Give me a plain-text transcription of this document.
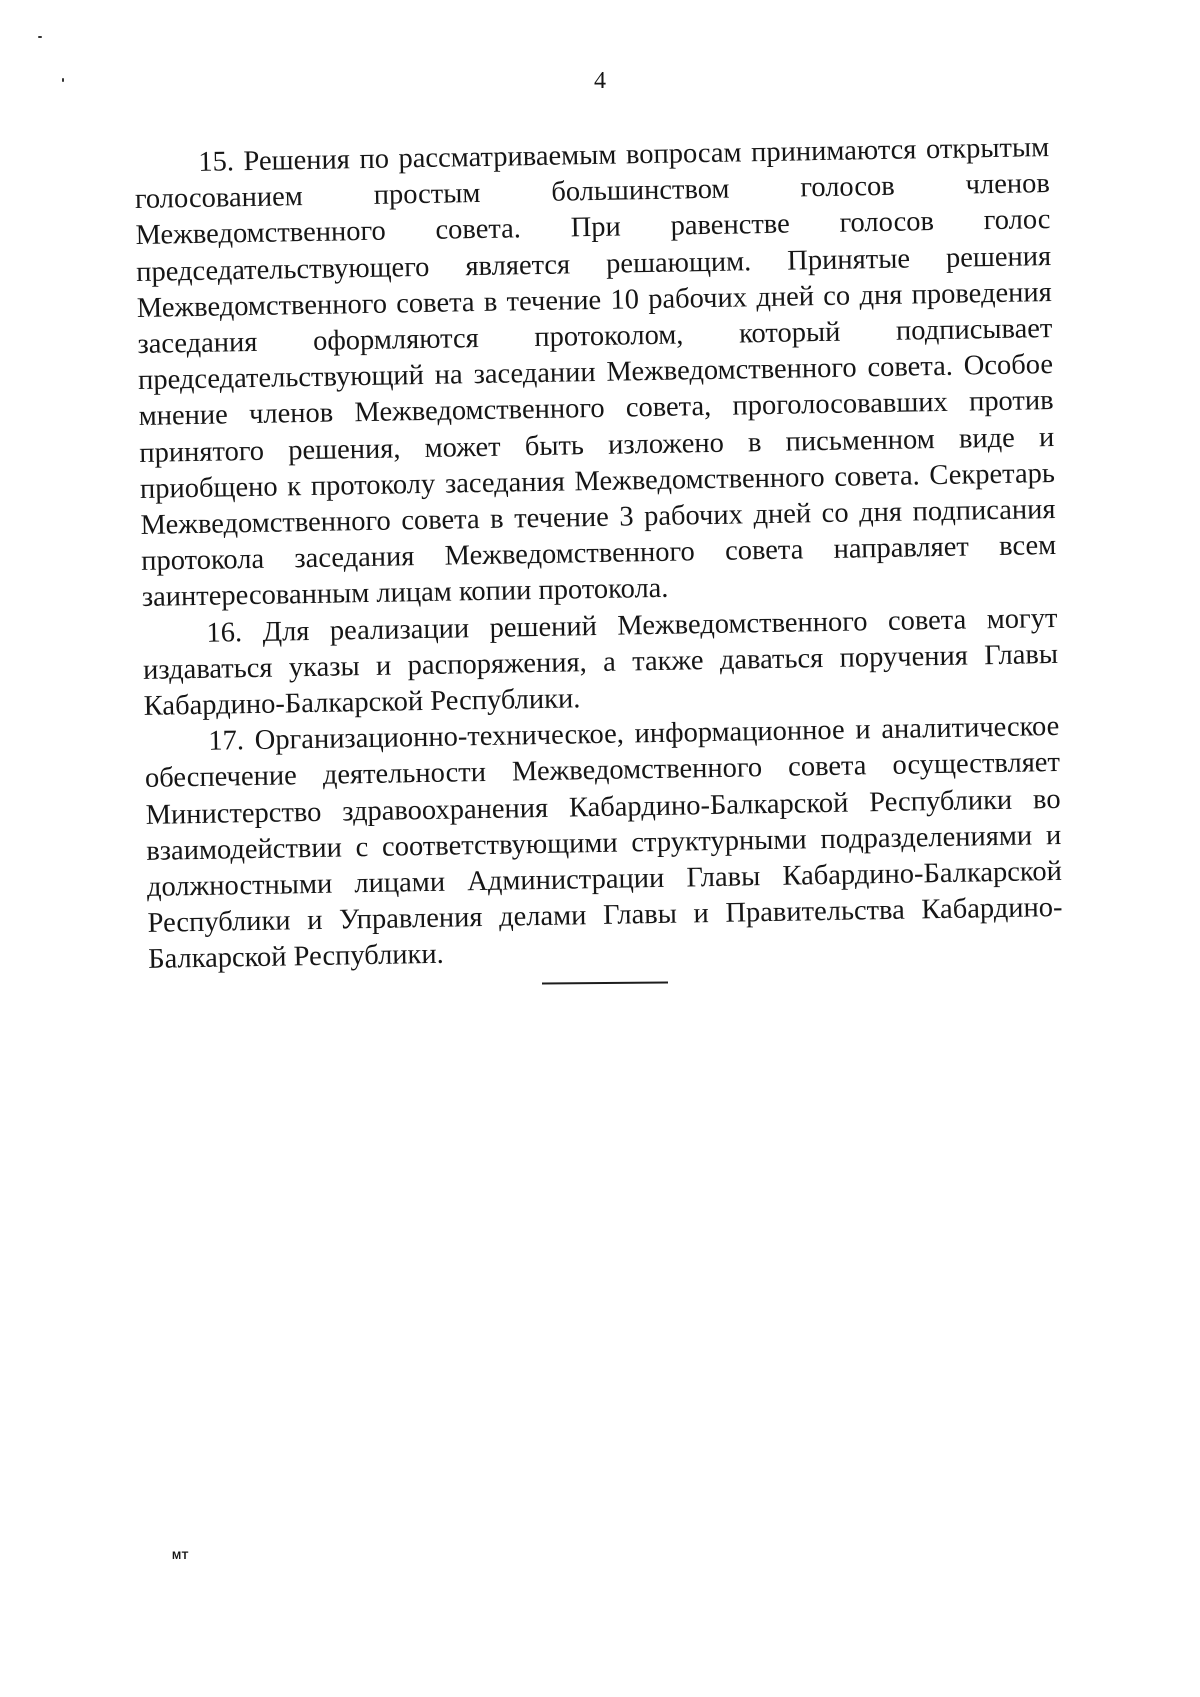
4

15. Решения по рассматриваемым вопросам принимаются открытым голосованием простым большинством голосов членов Межведомственного совета. При равенстве голосов голос председательствующего является решающим. Принятые решения Межведомственного совета в течение 10 рабочих дней со дня проведения заседания оформляются протоколом, который подписывает председательствующий на заседании Межведомственного совета. Особое мнение членов Межведомственного совета, проголосовавших против принятого решения, может быть изложено в письменном виде и приобщено к протоколу заседания Межведомственного совета. Секретарь Межведомственного совета в течение 3 рабочих дней со дня подписания протокола заседания Межведомственного совета направляет всем заинтересованным лицам копии протокола.

16. Для реализации решений Межведомственного совета могут издаваться указы и распоряжения, а также даваться поручения Главы Кабардино-Балкарской Республики.

17. Организационно-техническое, информационное и аналитическое обеспечение деятельности Межведомственного совета осуществляет Министерство здравоохранения Кабардино-Балкарской Республики во взаимодействии с соответствующими структурными подразделениями и должностными лицами Администрации Главы Кабардино-Балкарской Республики и Управления делами Главы и Правительства Кабардино-Балкарской Республики.

МТ
